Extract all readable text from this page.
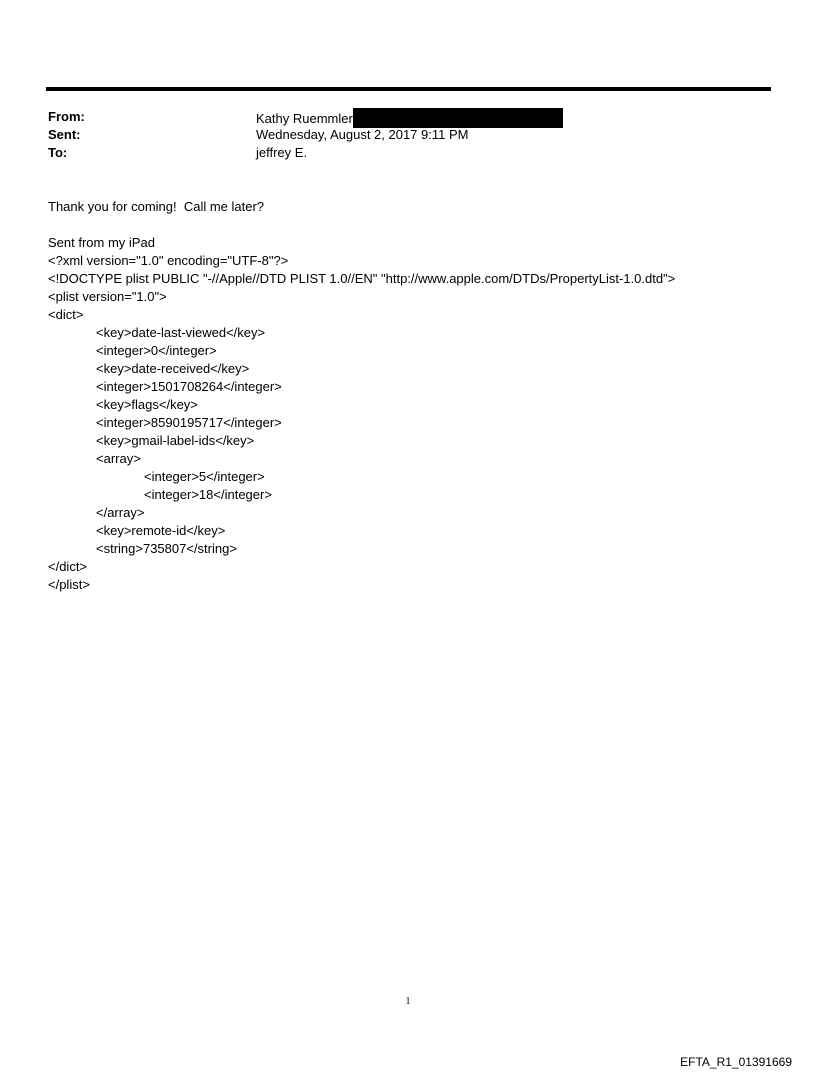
From:	Kathy Ruemmler
Sent:	Wednesday, August 2, 2017 9:11 PM
To:	jeffrey E.
Thank you for coming!  Call me later?
Sent from my iPad
<?xml version="1.0" encoding="UTF-8"?>
<!DOCTYPE plist PUBLIC "-//Apple//DTD PLIST 1.0//EN" "http://www.apple.com/DTDs/PropertyList-1.0.dtd">
<plist version="1.0">
<dict>
<key>date-last-viewed</key>
<integer>0</integer>
<key>date-received</key>
<integer>1501708264</integer>
<key>flags</key>
<integer>8590195717</integer>
<key>gmail-label-ids</key>
<array>
<integer>5</integer>
<integer>18</integer>
</array>
<key>remote-id</key>
<string>735807</string>
</dict>
</plist>
1
EFTA_R1_01391669
